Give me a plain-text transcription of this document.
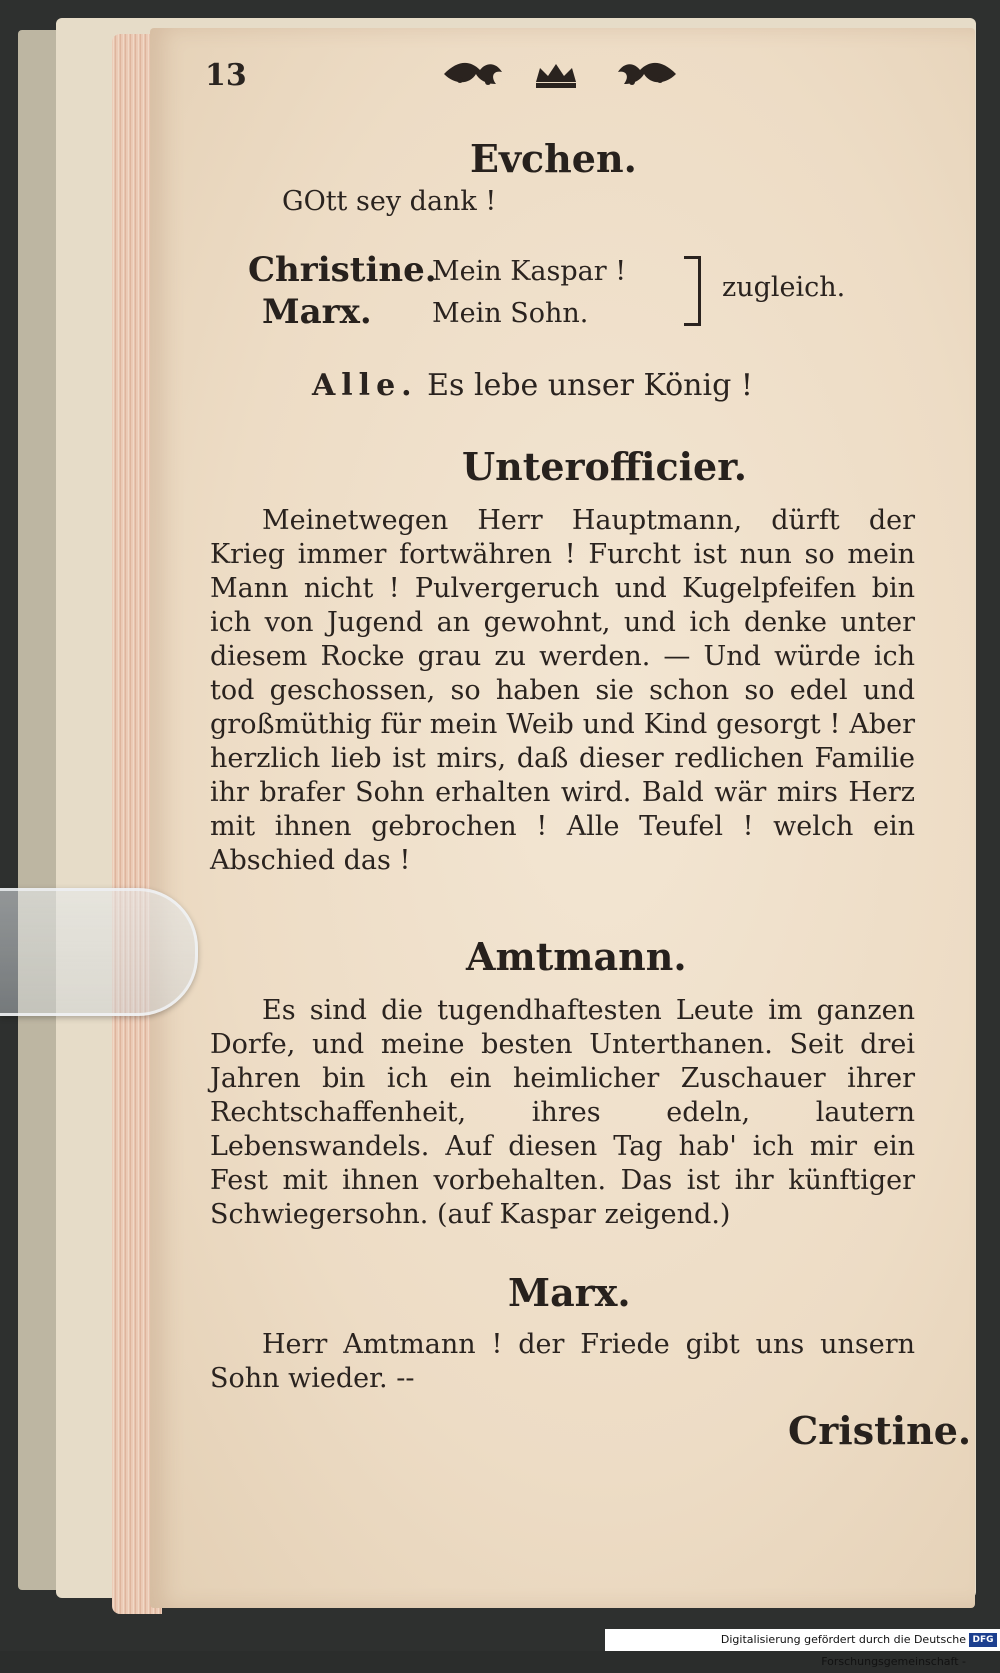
13
Evchen.

GOtt sey dank !

Christine.
Mein Kaspar !
Marx. Mein Sohn.
zugleich.
Alle. Es lebe unser König !
Unterofficier.

Meinetwegen Herr Hauptmann, dürft der Krieg immer fortwähren ! Furcht ist nun so mein Mann nicht ! Pulvergeruch und Kugelpfeifen bin ich von Jugend an gewohnt, und ich denke unter diesem Rocke grau zu werden. — Und würde ich tod geschossen, so haben sie schon so edel und großmüthig für mein Weib und Kind gesorgt ! Aber herzlich lieb ist mirs, daß dieser redlichen Familie ihr brafer Sohn erhalten wird. Bald wär mirs Herz mit ihnen gebrochen ! Alle Teufel ! welch ein Abschied das !

Amtmann.

Es sind die tugendhaftesten Leute im ganzen Dorfe, und meine besten Unterthanen. Seit drei Jahren bin ich ein heimlicher Zuschauer ihrer Rechtschaffenheit, ihres edeln, lautern Lebenswandels. Auf diesen Tag hab' ich mir ein Fest mit ihnen vorbehalten. Das ist ihr künftiger Schwiegersohn. (auf Kaspar zeigend.)

Marx.

Herr Amtmann ! der Friede gibt uns unsern Sohn wieder. --

Cristine.
Digitalisierung gefördert durch die Deutsche Forschungsgemeinschaft -
DFG
